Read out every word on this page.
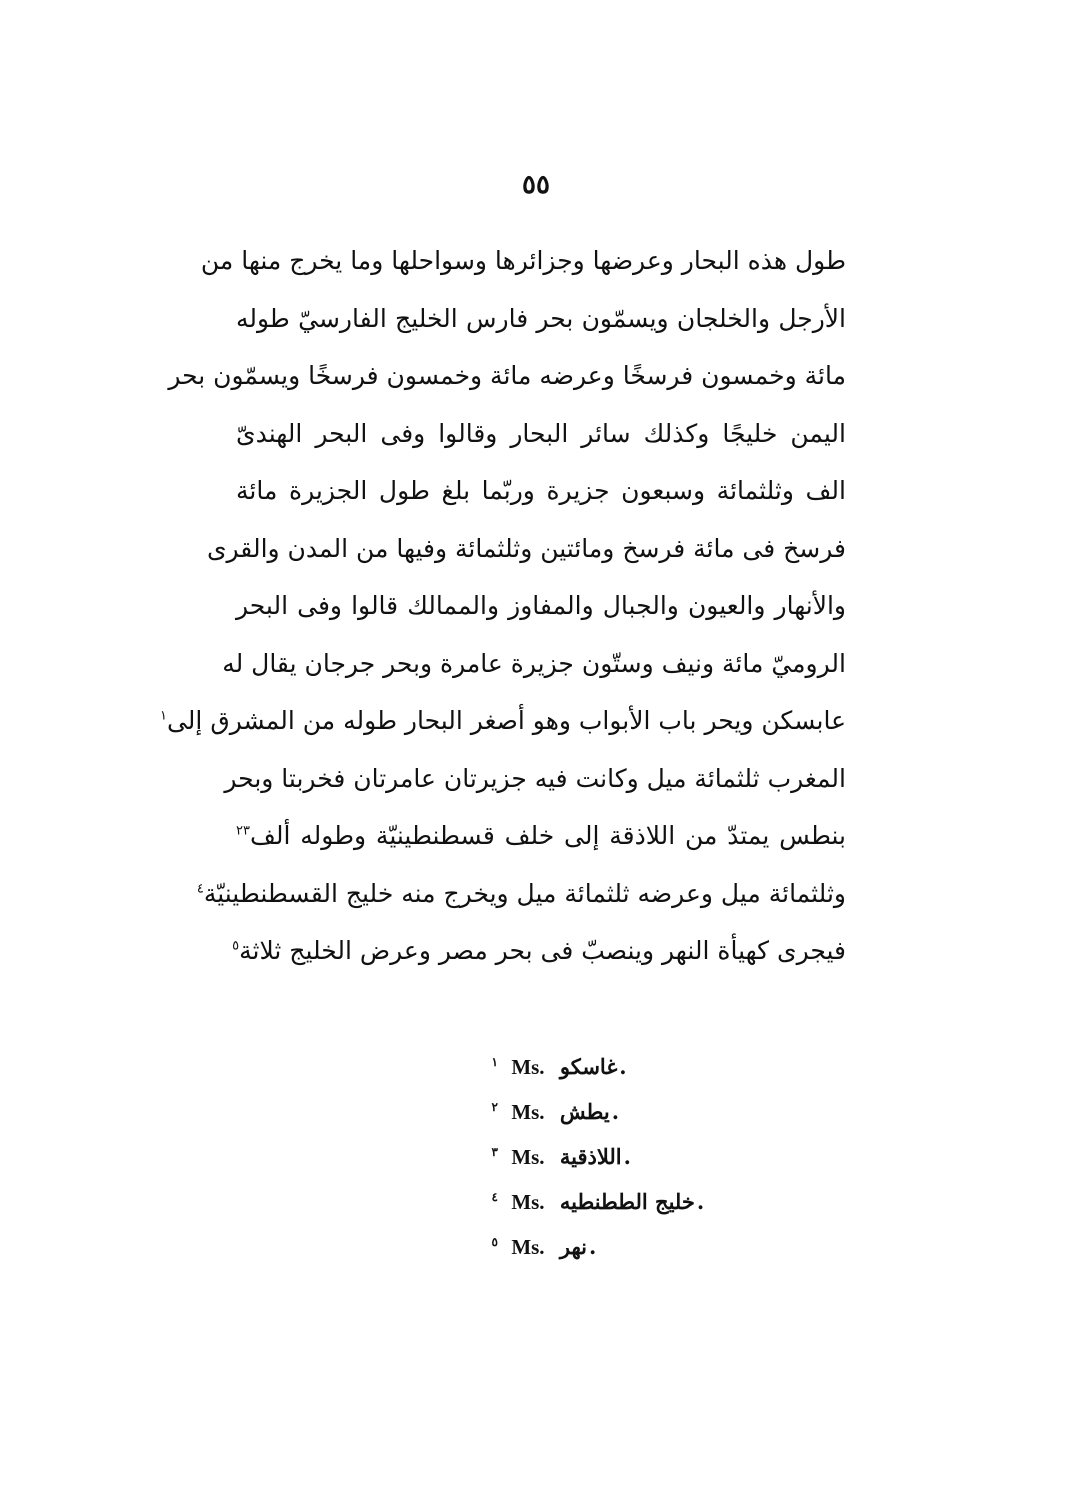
٥٥
طول هذه البحار وعرضها وجزائرها وسواحلها وما يخرج منها من
الأرجل والخلجان ويسمّون بحر فارس الخليج الفارسيّ طوله
مائة وخمسون فرسخًا وعرضه مائة وخمسون فرسخًا ويسمّون بحر
اليمن خليجًا وكذلك سائر البحار وقالوا وفى البحر الهندىّ
الف وثلثمائة وسبعون جزيرة وربّما بلغ طول الجزيرة مائة
فرسخ فى مائة فرسخ ومائتين وثلثمائة وفيها من المدن والقرى
والأنهار والعيون والجبال والمفاوز والممالك قالوا وفى البحر
الروميّ مائة ونيف وستّون جزيرة عامرة وبحر جرجان يقال له
عابسكن ويحر باب الأبواب وهو أصغر البحار طوله من المشرق إلى$^١$
المغرب ثلثمائة ميل وكانت فيه جزيرتان عامرتان فخربتا وبحر
بنطس يمتدّ من اللاذقة إلى خلف قسطنطينيّة وطوله ألف$^{٢٣}$
وثلثمائة ميل وعرضه ثلثمائة ميل ويخرج منه خليج القسطنطينيّة$^٤$
فيجرى كهيأة النهر وينصبّ فى بحر مصر وعرض الخليج ثلاثة$^٥$
١ Ms. غاسكو.
٢ Ms. يطش.
٣ Ms. اللاذقية.
٤ Ms. خليج الططنطيه.
٥ Ms. نهر.
